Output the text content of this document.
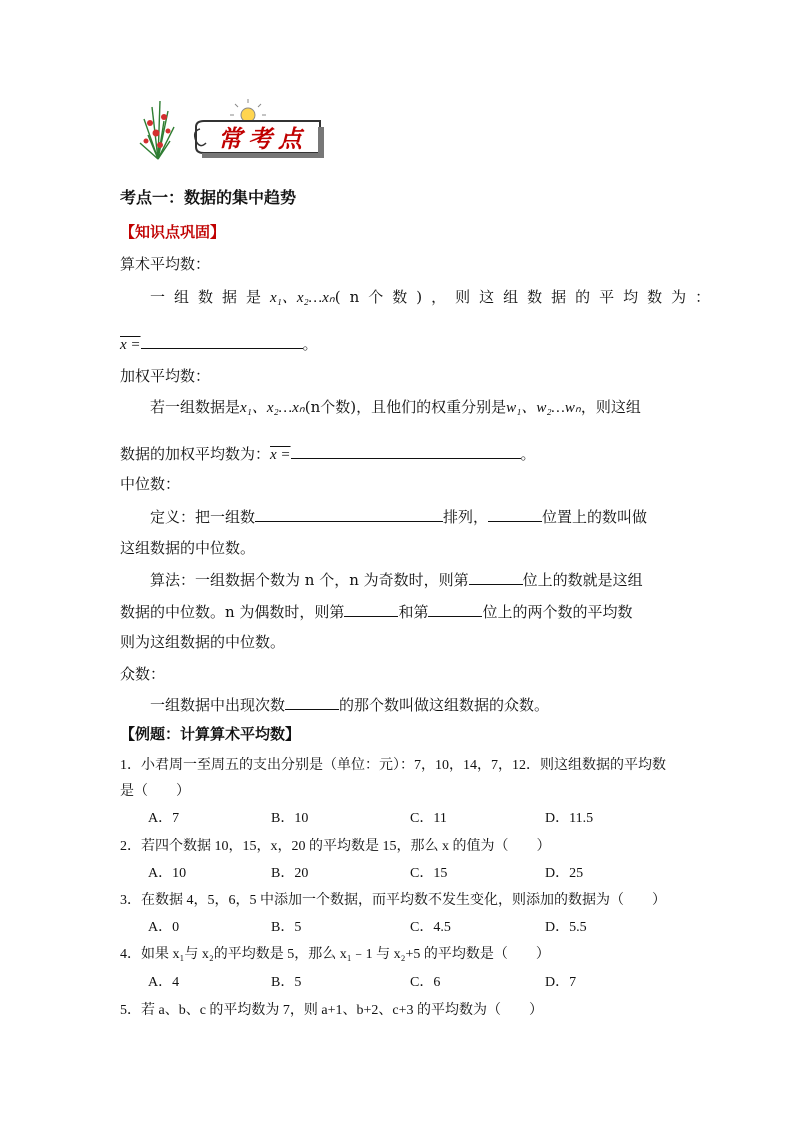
常考点
考点一：数据的集中趋势
【知识点巩固】
算术平均数：
一组数据是x₁、x₂…xₙ(n个数)，则这组数据的平均数为：
x =	。
加权平均数：
若一组数据是x₁、x₂…xₙ(n个数)，且他们的权重分别是w₁、w₂…wₙ，则这组
数据的加权平均数为：x =	。
中位数：
定义：把一组数	排列，	位置上的数叫做
这组数据的中位数。
算法：一组数据个数为 n 个，n 为奇数时，则第	位上的数就是这组
数据的中位数。n 为偶数时，则第	和第	位上的两个数的平均数
则为这组数据的中位数。
众数：
一组数据中出现次数	的那个数叫做这组数据的众数。
【例题：计算算术平均数】
1．小君周一至周五的支出分别是（单位：元）：7，10，14，7，12．则这组数据的平均数
是（　　）
A．7	B．10	C．11	D．11.5
2．若四个数据 10，15，x，20 的平均数是 15，那么 x 的值为（　　）
A．10	B．20	C．15	D．25
3．在数据 4，5，6，5 中添加一个数据，而平均数不发生变化，则添加的数据为（　　）
A．0	B．5	C．4.5	D．5.5
4．如果 x₁与 x₂的平均数是 5，那么 x₁﹣1 与 x₂+5 的平均数是（　　）
A．4	B．5	C．6	D．7
5．若 a、b、c 的平均数为 7，则 a+1、b+2、c+3 的平均数为（　　）
